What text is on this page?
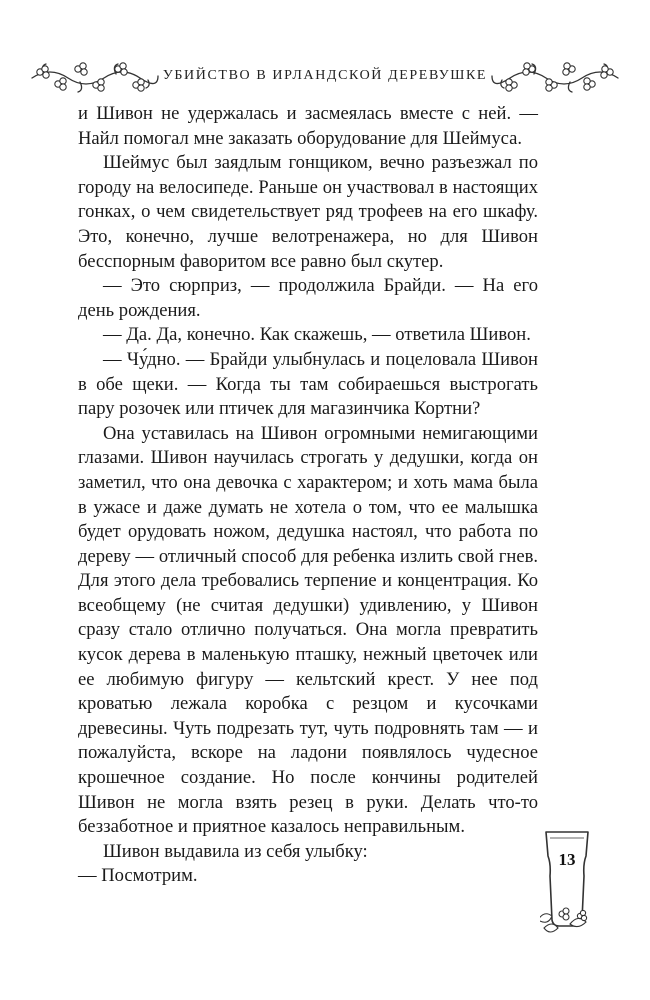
УБИЙСТВО В ИРЛАНДСКОЙ ДЕРЕВУШКЕ

и Шивон не удержалась и засмеялась вместе с ней. — Найл помогал мне заказать оборудование для Шеймуса.

Шеймус был заядлым гонщиком, вечно разъезжал по городу на велосипеде. Раньше он участвовал в настоящих гонках, о чем свидетельствует ряд трофеев на его шкафу. Это, конечно, лучше велотренажера, но для Шивон бесспорным фаворитом все равно был скутер.

— Это сюрприз, — продолжила Брайди. — На его день рождения.

— Да. Да, конечно. Как скажешь, — ответила Шивон.

— Чу́дно. — Брайди улыбнулась и поцеловала Шивон в обе щеки. — Когда ты там собираешься выстрогать пару розочек или птичек для магазинчика Кортни?

Она уставилась на Шивон огромными немигающими глазами. Шивон научилась строгать у дедушки, когда он заметил, что она девочка с характером; и хоть мама была в ужасе и даже думать не хотела о том, что ее малышка будет орудовать ножом, дедушка настоял, что работа по дереву — отличный способ для ребенка излить свой гнев. Для этого дела требовались терпение и концентрация. Ко всеобщему (не считая дедушки) удивлению, у Шивон сразу стало отлично получаться. Она могла превратить кусок дерева в маленькую пташку, нежный цветочек или ее любимую фигуру — кельтский крест. У нее под кроватью лежала коробка с резцом и кусочками древесины. Чуть подрезать тут, чуть подровнять там — и пожалуйста, вскоре на ладони появлялось чудесное крошечное создание. Но после кончины родителей Шивон не могла взять резец в руки. Делать что-то беззаботное и приятное казалось неправильным.

Шивон выдавила из себя улыбку:

— Посмотрим.

13
